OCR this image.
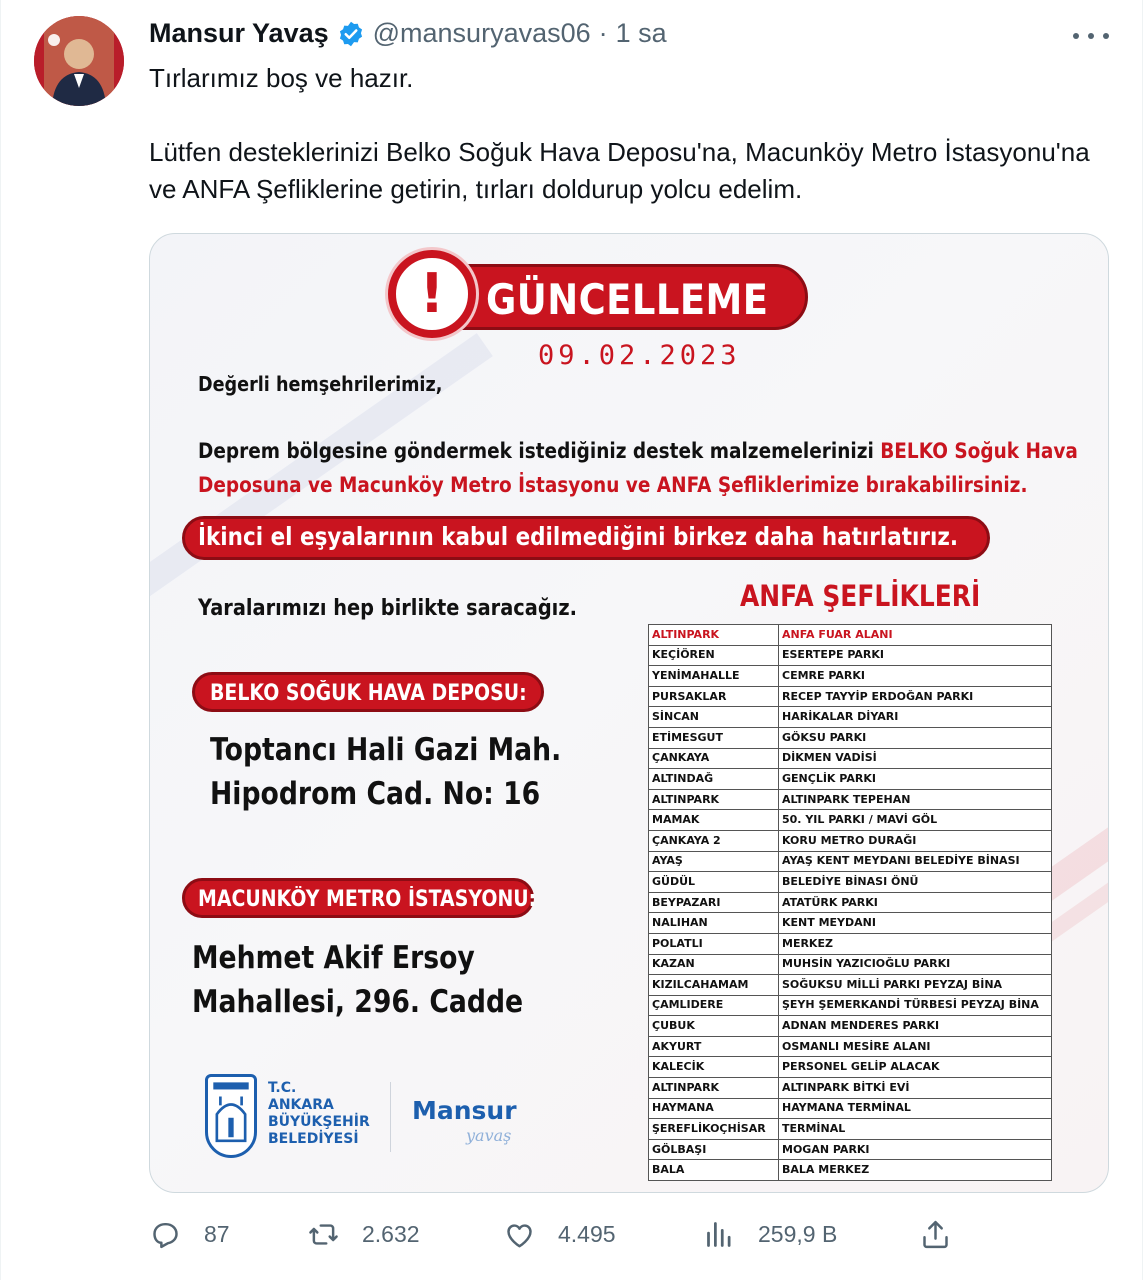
Mansur Yavaş @mansuryavas06 · 1 sa
Tırlarımız boş ve hazır.

Lütfen desteklerinizi Belko Soğuk Hava Deposu'na, Macunköy Metro İstasyonu'na ve ANFA Şefliklerine getirin, tırları doldurup yolcu edelim.
! GÜNCELLEME
09.02.2023
Değerli hemşehrilerimiz,
Deprem bölgesine göndermek istediğiniz destek malzemelerinizi BELKO Soğuk Hava
Deposuna ve Macunköy Metro İstasyonu ve ANFA Şefliklerimize bırakabilirsiniz.
İkinci el eşyalarının kabul edilmediğini birkez daha hatırlatırız.
Yaralarımızı hep birlikte saracağız.
BELKO SOĞUK HAVA DEPOSU:
Toptancı Hali Gazi Mah.
Hipodrom Cad. No: 16
MACUNKÖY METRO İSTASYONU:
Mehmet Akif Ersoy
Mahallesi, 296. Cadde
ANFA ŞEFLİKLERİ
ALTINPARK	ANFA FUAR ALANI
KEÇİÖREN	ESERTEPE PARKI
YENİMAHALLE	CEMRE PARKI
PURSAKLAR	RECEP TAYYİP ERDOĞAN PARKI
SİNCAN	HARİKALAR DİYARI
ETİMESGUT	GÖKSU PARKI
ÇANKAYA	DİKMEN VADİSİ
ALTINDAĞ	GENÇLİK PARKI
ALTINPARK	ALTINPARK TEPEHAN
MAMAK	50. YIL PARKI / MAVİ GÖL
ÇANKAYA 2	KORU METRO DURAĞI
AYAŞ	AYAŞ KENT MEYDANI BELEDİYE BİNASI
GÜDÜL	BELEDİYE BİNASI ÖNÜ
BEYPAZARI	ATATÜRK PARKI
NALIHAN	KENT MEYDANI
POLATLI	MERKEZ
KAZAN	MUHSİN YAZICIOĞLU PARKI
KIZILCAHAMAM	SOĞUKSU MİLLİ PARKI PEYZAJ BİNA
ÇAMLIDERE	ŞEYH ŞEMERKANDİ TÜRBESİ PEYZAJ BİNA
ÇUBUK	ADNAN MENDERES PARKI
AKYURT	OSMANLI MESİRE ALANI
KALECİK	PERSONEL GELİP ALACAK
ALTINPARK	ALTINPARK BİTKİ EVİ
HAYMANA	HAYMANA TERMİNAL
ŞEREFLİKOÇHİSAR	TERMİNAL
GÖLBAŞI	MOGAN PARKI
BALA	BALA MERKEZ
T.C.
ANKARA
BÜYÜKŞEHİR
BELEDİYESİ
Mansur
yavaş
87	2.632	4.495	259,9 B
